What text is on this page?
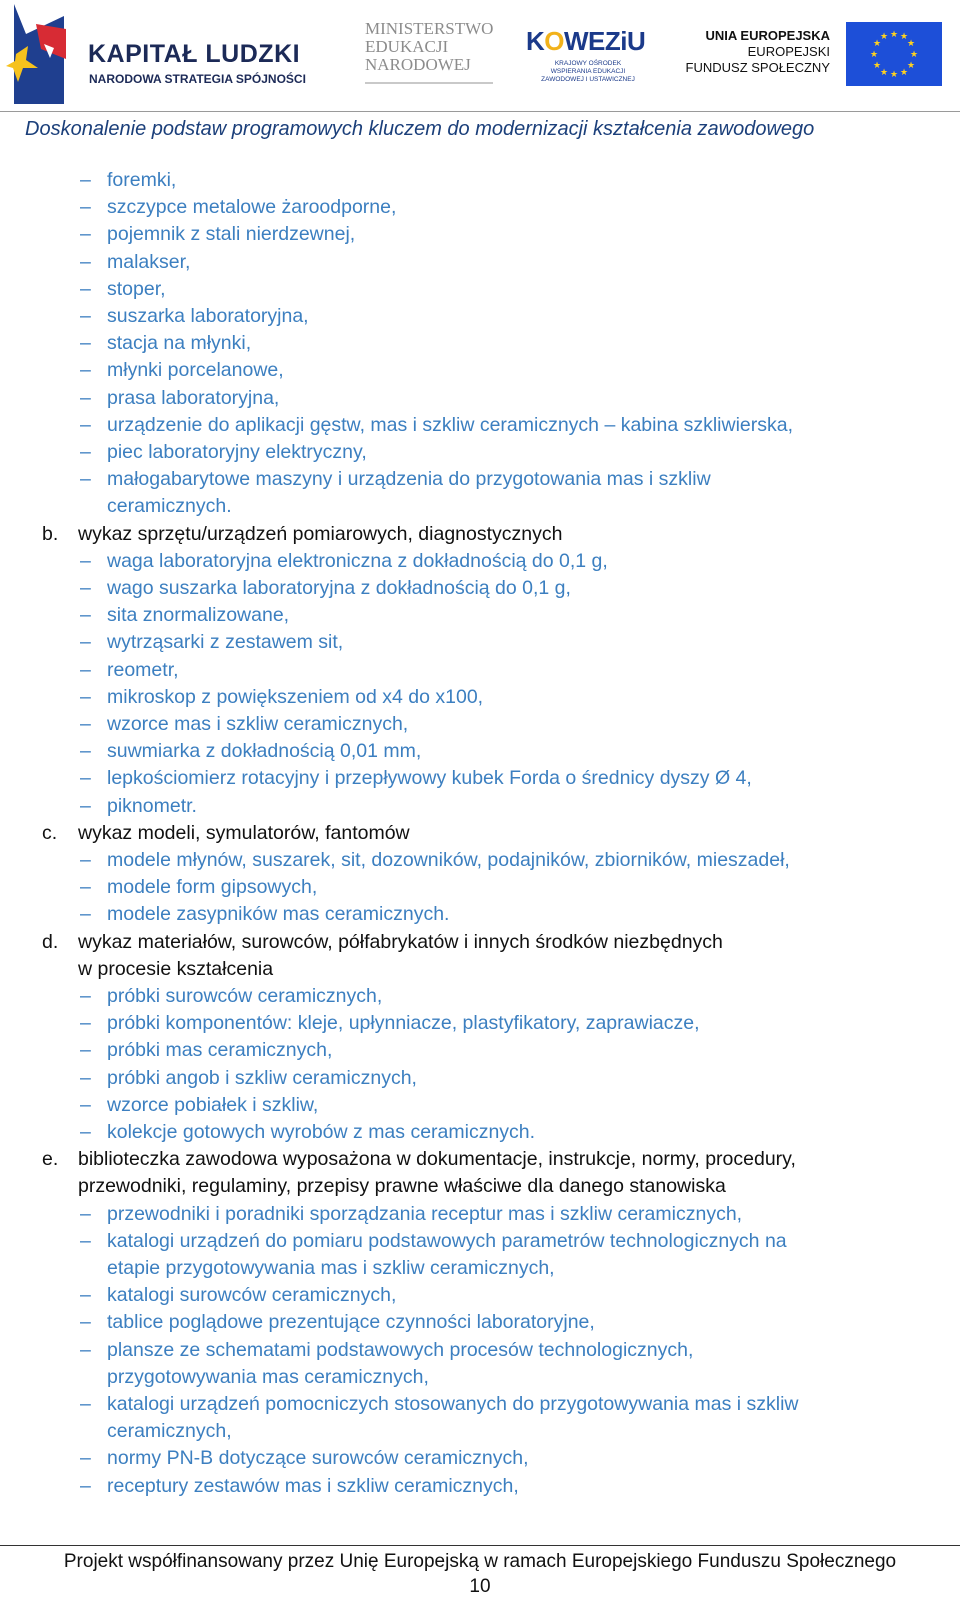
KAPITAŁ LUDZKI
NARODOWA STRATEGIA SPÓJNOŚCI
MINISTERSTWO
EDUKACJI
NARODOWEJ
KOWEZiU
KRAJOWY OŚRODEK WSPIERANIA EDUKACJI ZAWODOWEJ I USTAWICZNEJ
UNIA EUROPEJSKA
EUROPEJSKI
FUNDUSZ SPOŁECZNY
★ ★
★
★
★
★
★
★
★
★
★
★
Doskonalenie podstaw programowych kluczem do modernizacji kształcenia zawodowego
– foremki,
– szczypce metalowe żaroodporne,
– pojemnik z stali nierdzewnej,
– malakser,
– stoper,
– suszarka laboratoryjna,
– stacja na młynki,
– młynki porcelanowe,
– prasa laboratoryjna,
– urządzenie do aplikacji gęstw, mas i szkliw ceramicznych – kabina szkliwierska,
– piec laboratoryjny elektryczny,
– małogabarytowe maszyny i urządzenia do przygotowania mas i szkliw
ceramicznych.
b. wykaz sprzętu/urządzeń pomiarowych, diagnostycznych
– waga laboratoryjna elektroniczna z dokładnością do 0,1 g,
– wago suszarka laboratoryjna z dokładnością do 0,1 g,
– sita znormalizowane,
– wytrząsarki z zestawem sit,
– reometr,
– mikroskop z powiększeniem od x4 do x100,
– wzorce mas i szkliw ceramicznych,
– suwmiarka z dokładnością 0,01 mm,
– lepkościomierz rotacyjny i przepływowy kubek Forda o średnicy dyszy Ø 4,
– piknometr.
c. wykaz modeli, symulatorów, fantomów
– modele młynów, suszarek, sit, dozowników, podajników, zbiorników, mieszadeł,
– modele form gipsowych,
– modele zasypników mas ceramicznych.
d. wykaz materiałów, surowców, półfabrykatów i innych środków niezbędnych
w procesie kształcenia
– próbki surowców ceramicznych,
– próbki komponentów: kleje, upłynniacze, plastyfikatory, zaprawiacze,
– próbki mas ceramicznych,
– próbki angob i szkliw ceramicznych,
– wzorce pobiałek i szkliw,
– kolekcje gotowych wyrobów z mas ceramicznych.
e. biblioteczka zawodowa wyposażona w dokumentacje, instrukcje, normy, procedury,
przewodniki, regulaminy, przepisy prawne właściwe dla danego stanowiska
– przewodniki i poradniki sporządzania receptur mas i szkliw ceramicznych,
– katalogi urządzeń do pomiaru podstawowych parametrów technologicznych na
etapie przygotowywania mas i szkliw ceramicznych,
– katalogi surowców ceramicznych,
– tablice poglądowe prezentujące czynności laboratoryjne,
– plansze ze schematami podstawowych procesów technologicznych,
przygotowywania mas ceramicznych,
– katalogi urządzeń pomocniczych stosowanych do przygotowywania mas i szkliw
ceramicznych,
– normy PN-B dotyczące surowców ceramicznych,
– receptury zestawów mas i szkliw ceramicznych,
Projekt współfinansowany przez Unię Europejską w ramach Europejskiego Funduszu Społecznego
10
